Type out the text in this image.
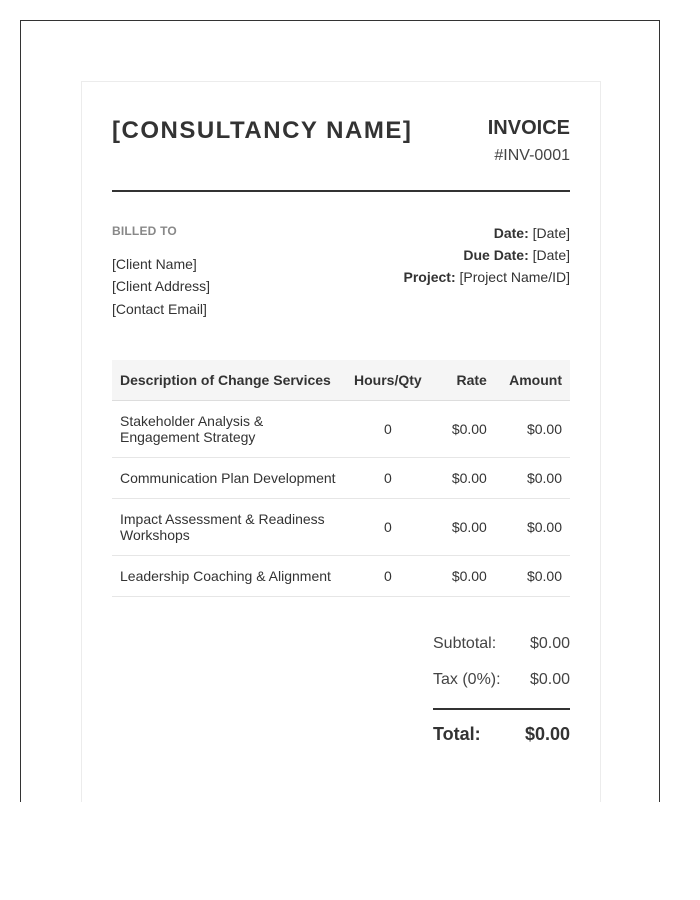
[CONSULTANCY NAME]	INVOICE
#INV-0001
BILLED TO
[Client Name]
[Client Address]
[Contact Email]
Date: [Date]
Due Date: [Date]
Project: [Project Name/ID]
Description of Change Services	Hours/Qty	Rate	Amount
Stakeholder Analysis & Engagement Strategy	0	$0.00	$0.00
Communication Plan Development	0	$0.00	$0.00
Impact Assessment & Readiness Workshops	0	$0.00	$0.00
Leadership Coaching & Alignment	0	$0.00	$0.00
Subtotal: $0.00
Tax (0%): $0.00
Total: $0.00
